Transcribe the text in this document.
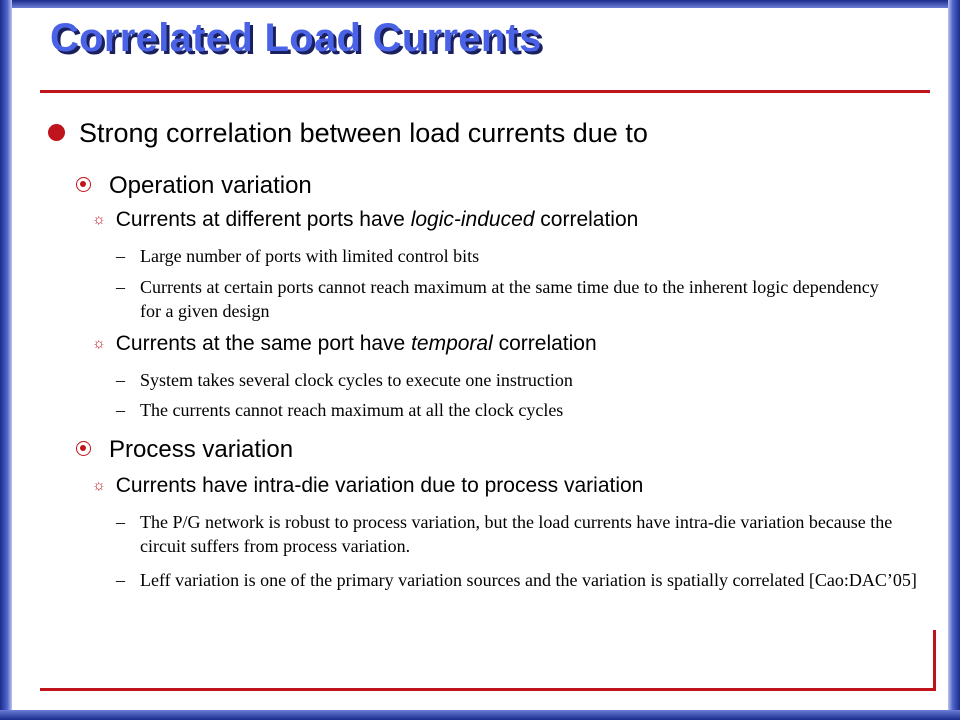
Correlated Load Currents
Strong correlation between load currents due to
Operation variation
☼ Currents at different ports have logic-induced correlation
– Large number of ports with limited control bits
– Currents at certain ports cannot reach maximum at the same time due to the inherent logic dependency for a given design
☼ Currents at the same port have temporal correlation
– System takes several clock cycles to execute one instruction
– The currents cannot reach maximum at all the clock cycles
Process variation
☼ Currents have intra-die variation due to process variation
– The P/G network is robust to process variation, but the load currents have intra-die variation because the circuit suffers from process variation.
– Leff variation is one of the primary variation sources and the variation is spatially correlated [Cao:DAC’05]
